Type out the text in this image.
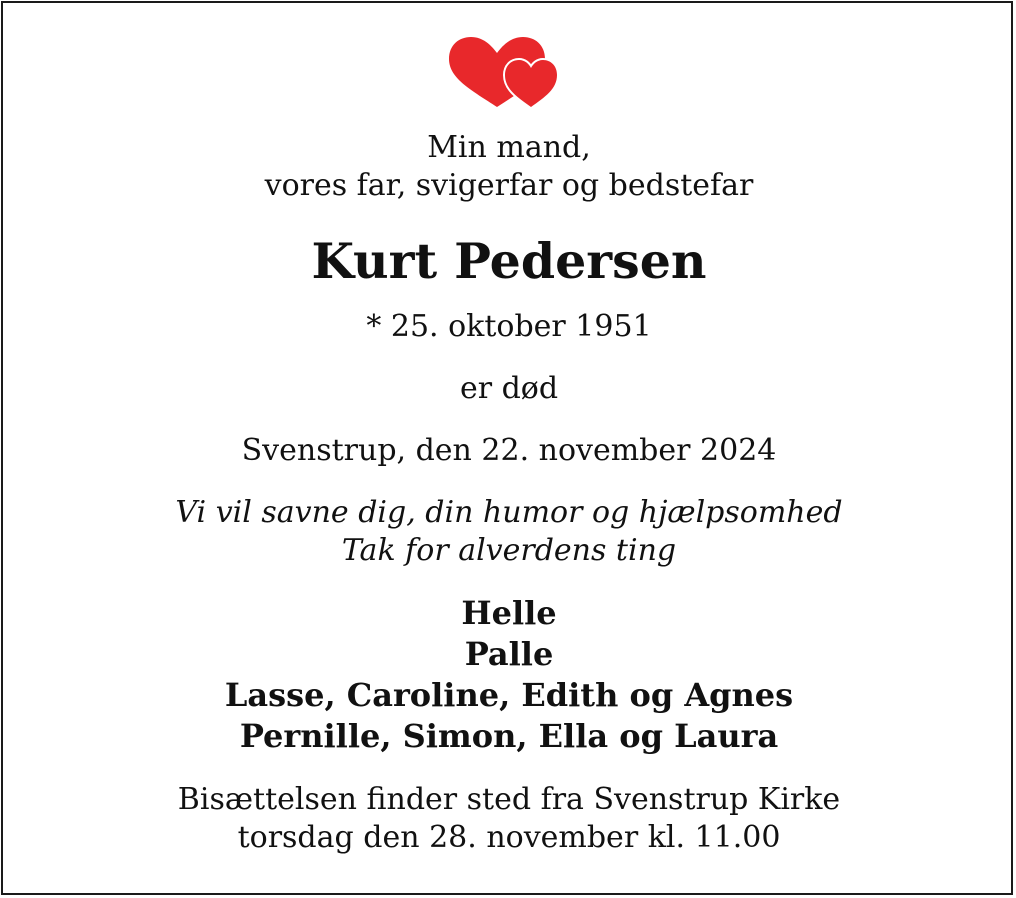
Min mand,
vores far, svigerfar og bedstefar
Kurt Pedersen
* 25. oktober 1951
er død
Svenstrup, den 22. november 2024
Vi vil savne dig, din humor og hjælpsomhed
Tak for alverdens ting
Helle
Palle
Lasse, Caroline, Edith og Agnes
Pernille, Simon, Ella og Laura
Bisættelsen finder sted fra Svenstrup Kirke
torsdag den 28. november kl. 11.00
